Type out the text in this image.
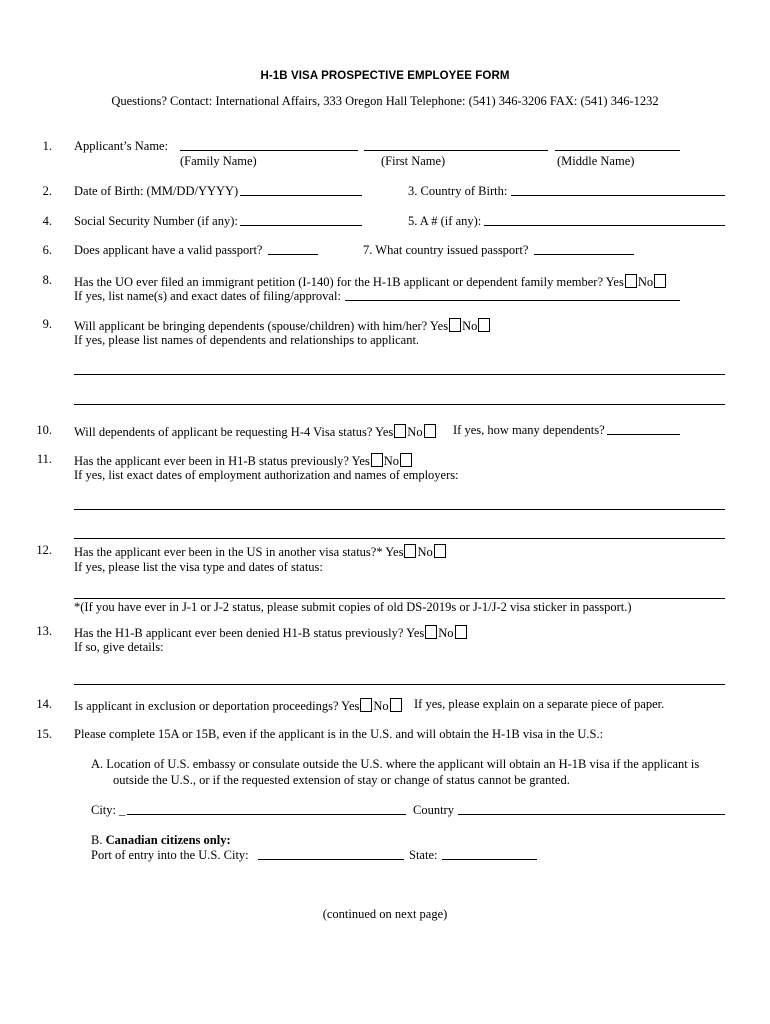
H-1B VISA PROSPECTIVE EMPLOYEE FORM
Questions? Contact: International Affairs, 333 Oregon Hall Telephone: (541) 346-3206 FAX: (541) 346-1232
1. Applicant’s Name:
(Family Name)	(First Name)	(Middle Name)
2. Date of Birth: (MM/DD/YYYY)	3. Country of Birth:
4. Social Security Number (if any):	5. A # (if any):
6. Does applicant have a valid passport?	7. What country issued passport?
8. Has the UO ever filed an immigrant petition (I-140) for the H-1B applicant or dependent family member? Yes No
If yes, list name(s) and exact dates of filing/approval:
9. Will applicant be bringing dependents (spouse/children) with him/her? Yes No
If yes, please list names of dependents and relationships to applicant.
10. Will dependents of applicant be requesting H-4 Visa status? Yes No	If yes, how many dependents?
11. Has the applicant ever been in H1-B status previously? Yes No
If yes, list exact dates of employment authorization and names of employers:
12. Has the applicant ever been in the US in another visa status?* Yes No
If yes, please list the visa type and dates of status:
*(If you have ever in J-1 or J-2 status, please submit copies of old DS-2019s or J-1/J-2 visa sticker in passport.)
13. Has the H1-B applicant ever been denied H1-B status previously? Yes No
If so, give details:
14. Is applicant in exclusion or deportation proceedings? Yes No	If yes, please explain on a separate piece of paper.
15. Please complete 15A or 15B, even if the applicant is in the U.S. and will obtain the H-1B visa in the U.S.:
A. Location of U.S. embassy or consulate outside the U.S. where the applicant will obtain an H-1B visa if the applicant is
outside the U.S., or if the requested extension of stay or change of status cannot be granted.
City: _	Country
B. Canadian citizens only:
Port of entry into the U.S. City:	State:
(continued on next page)
